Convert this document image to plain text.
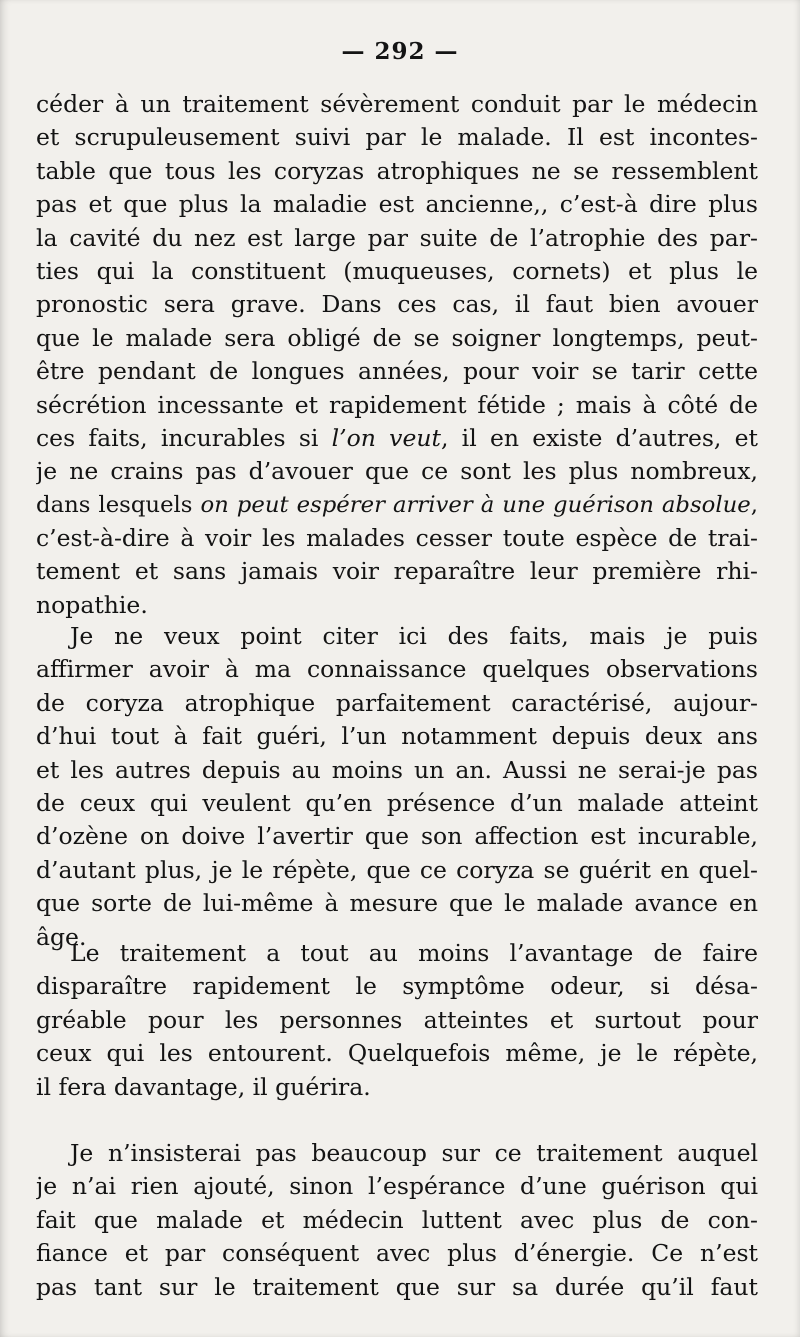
— 292 —
céder à un traitement sévèrement conduit par le médecin
et scrupuleusement suivi par le malade. Il est incontes-
table que tous les coryzas atrophiques ne se ressemblent
pas et que plus la maladie est ancienne,, c’est-à dire plus
la cavité du nez est large par suite de l’atrophie des par-
ties qui la constituent (muqueuses, cornets) et plus le
pronostic sera grave. Dans ces cas, il faut bien avouer
que le malade sera obligé de se soigner longtemps, peut-
être pendant de longues années, pour voir se tarir cette
sécrétion incessante et rapidement fétide ; mais à côté de
ces faits, incurables si l’on veut, il en existe d’autres, et
je ne crains pas d’avouer que ce sont les plus nombreux,
dans lesquels on peut espérer arriver à une guérison absolue,
c’est-à-dire à voir les malades cesser toute espèce de trai-
tement et sans jamais voir reparaître leur première rhi-
nopathie.
Je ne veux point citer ici des faits, mais je puis
affirmer avoir à ma connaissance quelques observations
de coryza atrophique parfaitement caractérisé, aujour-
d’hui tout à fait guéri, l’un notamment depuis deux ans
et les autres depuis au moins un an. Aussi ne serai-je pas
de ceux qui veulent qu’en présence d’un malade atteint
d’ozène on doive l’avertir que son affection est incurable,
d’autant plus, je le répète, que ce coryza se guérit en quel-
que sorte de lui-même à mesure que le malade avance en
âge.
Le traitement a tout au moins l’avantage de faire
disparaître rapidement le symptôme odeur, si désa-
gréable pour les personnes atteintes et surtout pour
ceux qui les entourent. Quelquefois même, je le répète,
il fera davantage, il guérira.
Je n’insisterai pas beaucoup sur ce traitement auquel
je n’ai rien ajouté, sinon l’espérance d’une guérison qui
fait que malade et médecin luttent avec plus de con-
fiance et par conséquent avec plus d’énergie. Ce n’est
pas tant sur le traitement que sur sa durée qu’il faut
